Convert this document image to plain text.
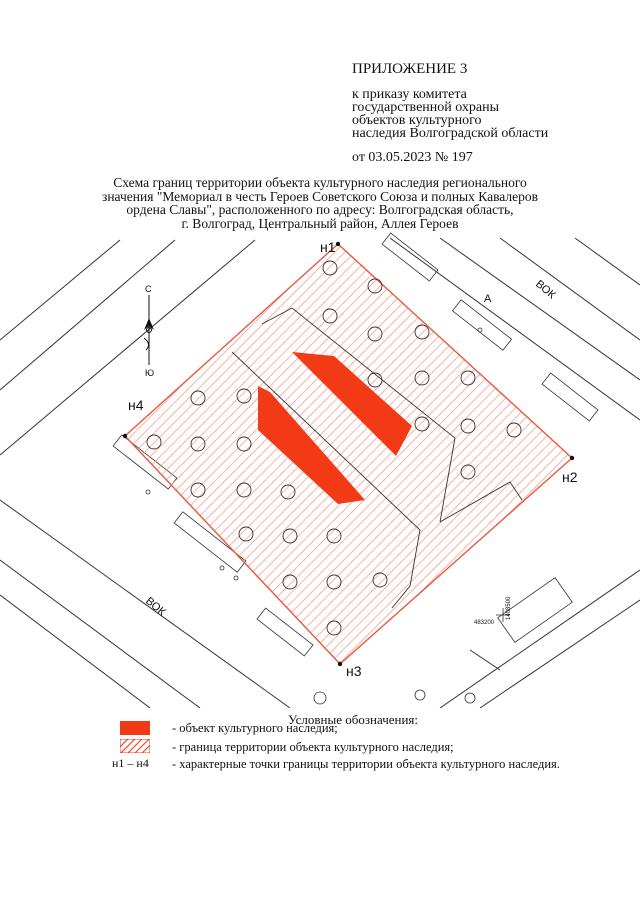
ПРИЛОЖЕНИЕ 3
к приказу комитета
государственной охраны
объектов культурного
наследия Волгоградской области
от 03.05.2023 № 197
Схема границ территории объекта культурного наследия регионального
значения "Мемориал в честь Героев Советского Союза и полных Кавалеров
ордена Славы", расположенного по адресу: Волгоградская область,
г. Волгоград, Центральный район, Аллея Героев
н1
н2
н3
н4
ВОК
ВОК
А
С
Ю
483200
1408500
Условные обозначения:
- объект культурного наследия;
- граница территории объекта культурного наследия;
н1 – н4 - характерные точки границы территории объекта культурного наследия.
